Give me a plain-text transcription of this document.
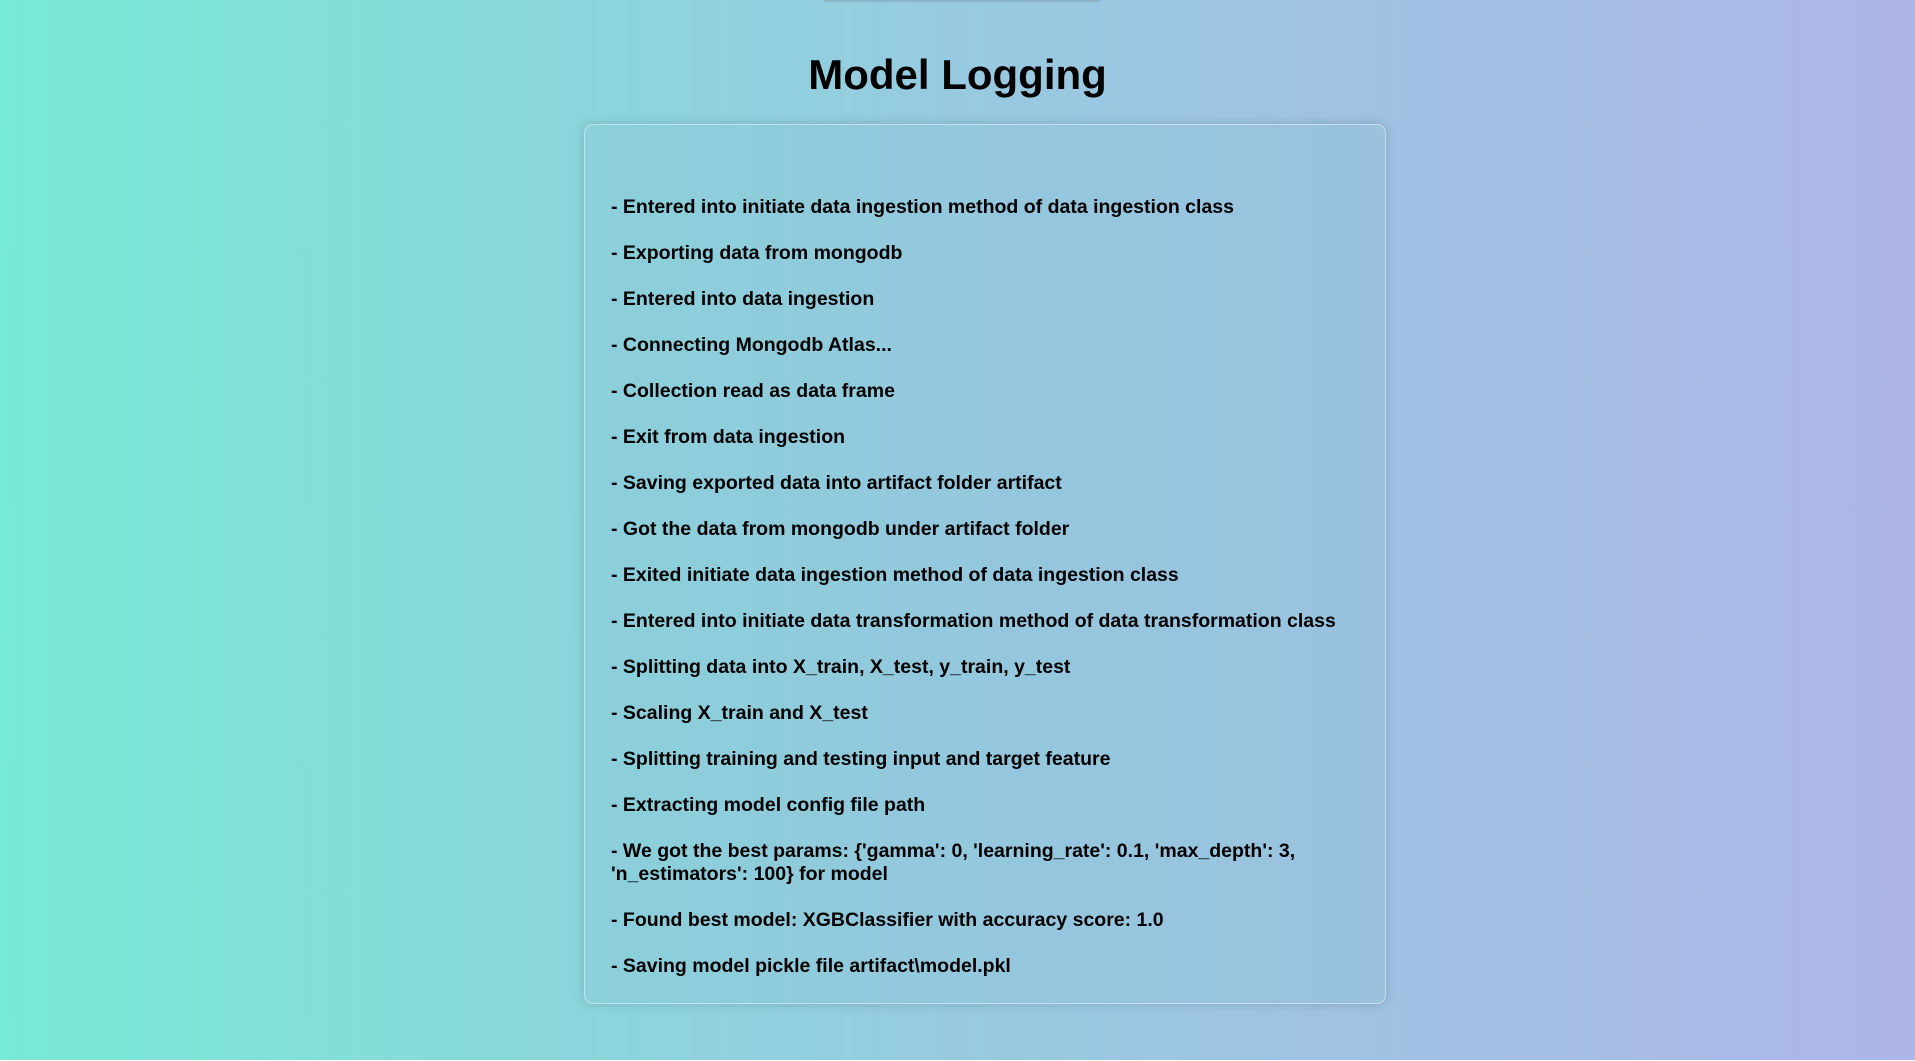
Model Logging
- Entered into initiate data ingestion method of data ingestion class
- Exporting data from mongodb
- Entered into data ingestion
- Connecting Mongodb Atlas...
- Collection read as data frame
- Exit from data ingestion
- Saving exported data into artifact folder artifact
- Got the data from mongodb under artifact folder
- Exited initiate data ingestion method of data ingestion class
- Entered into initiate data transformation method of data transformation class
- Splitting data into X_train, X_test, y_train, y_test
- Scaling X_train and X_test
- Splitting training and testing input and target feature
- Extracting model config file path
- We got the best params: {'gamma': 0, 'learning_rate': 0.1, 'max_depth': 3, 'n_estimators': 100} for model
- Found best model: XGBClassifier with accuracy score: 1.0
- Saving model pickle file artifact\model.pkl
